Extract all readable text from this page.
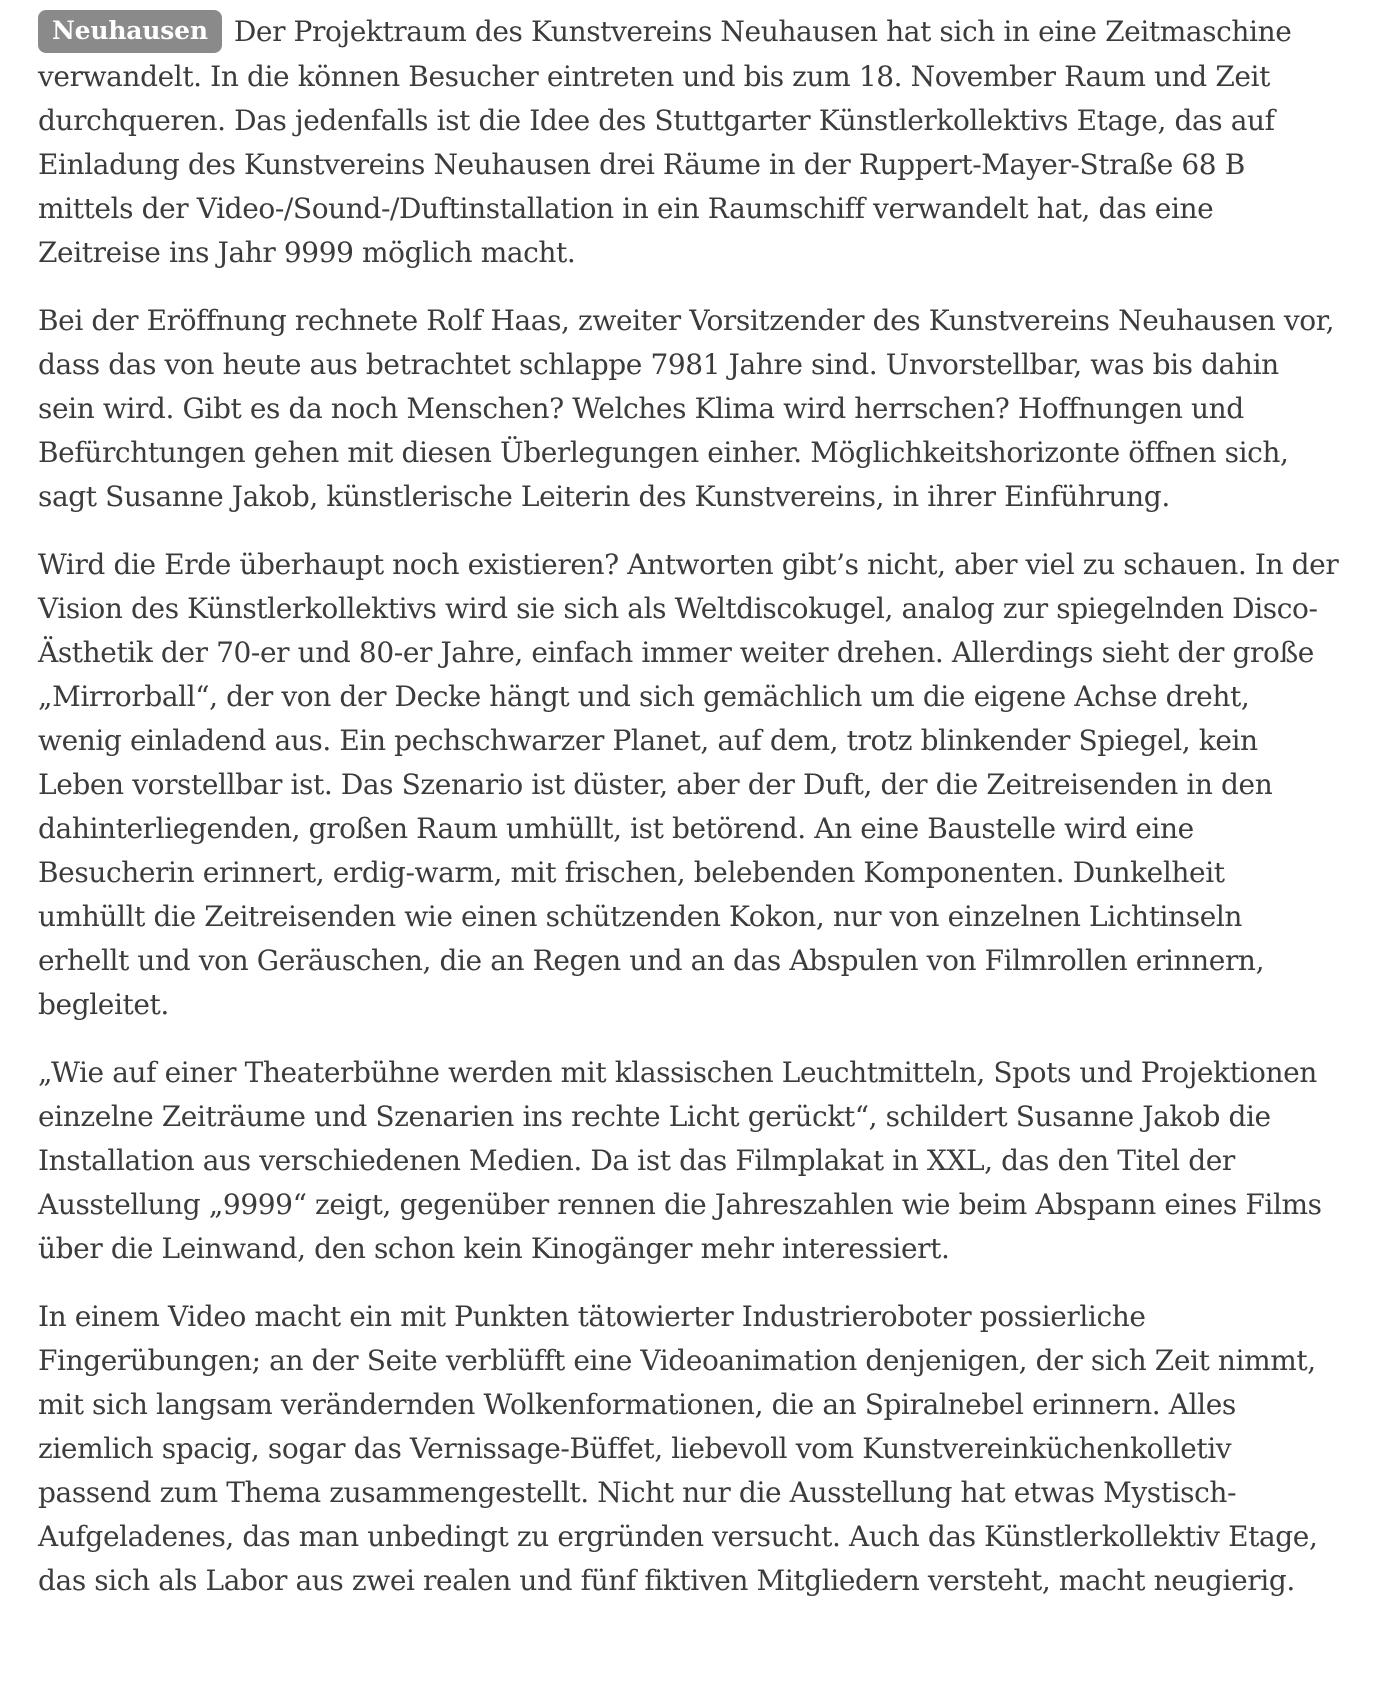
Neuhausen Der Projektraum des Kunstvereins Neuhausen hat sich in eine Zeitmaschine verwandelt. In die können Besucher eintreten und bis zum 18. November Raum und Zeit durchqueren. Das jedenfalls ist die Idee des Stuttgarter Künstlerkollektivs Etage, das auf Einladung des Kunstvereins Neuhausen drei Räume in der Ruppert-Mayer-Straße 68 B mittels der Video-/Sound-/Duftinstallation in ein Raumschiff verwandelt hat, das eine Zeitreise ins Jahr 9999 möglich macht.

Bei der Eröffnung rechnete Rolf Haas, zweiter Vorsitzender des Kunstvereins Neuhausen vor, dass das von heute aus betrachtet schlappe 7981 Jahre sind. Unvorstellbar, was bis dahin sein wird. Gibt es da noch Menschen? Welches Klima wird herrschen? Hoffnungen und Befürchtungen gehen mit diesen Überlegungen einher. Möglichkeitshorizonte öffnen sich, sagt Susanne Jakob, künstlerische Leiterin des Kunstvereins, in ihrer Einführung.

Wird die Erde überhaupt noch existieren? Antworten gibt’s nicht, aber viel zu schauen. In der Vision des Künstlerkollektivs wird sie sich als Weltdiscokugel, analog zur spiegelnden Disco-Ästhetik der 70-er und 80-er Jahre, einfach immer weiter drehen. Allerdings sieht der große „Mirrorball“, der von der Decke hängt und sich gemächlich um die eigene Achse dreht, wenig einladend aus. Ein pechschwarzer Planet, auf dem, trotz blinkender Spiegel, kein Leben vorstellbar ist. Das Szenario ist düster, aber der Duft, der die Zeitreisenden in den dahinterliegenden, großen Raum umhüllt, ist betörend. An eine Baustelle wird eine Besucherin erinnert, erdig-warm, mit frischen, belebenden Komponenten. Dunkelheit umhüllt die Zeitreisenden wie einen schützenden Kokon, nur von einzelnen Lichtinseln erhellt und von Geräuschen, die an Regen und an das Abspulen von Filmrollen erinnern, begleitet.

„Wie auf einer Theaterbühne werden mit klassischen Leuchtmitteln, Spots und Projektionen einzelne Zeiträume und Szenarien ins rechte Licht gerückt“, schildert Susanne Jakob die Installation aus verschiedenen Medien. Da ist das Filmplakat in XXL, das den Titel der Ausstellung „9999“ zeigt, gegenüber rennen die Jahreszahlen wie beim Abspann eines Films über die Leinwand, den schon kein Kinogänger mehr interessiert.

In einem Video macht ein mit Punkten tätowierter Industrieroboter possierliche Fingerübungen; an der Seite verblüfft eine Videoanimation denjenigen, der sich Zeit nimmt, mit sich langsam verändernden Wolkenformationen, die an Spiralnebel erinnern. Alles ziemlich spacig, sogar das Vernissage-Büffet, liebevoll vom Kunstvereinküchenkolletiv passend zum Thema zusammengestellt. Nicht nur die Ausstellung hat etwas Mystisch-Aufgeladenes, das man unbedingt zu ergründen versucht. Auch das Künstlerkollektiv Etage, das sich als Labor aus zwei realen und fünf fiktiven Mitgliedern versteht, macht neugierig.
